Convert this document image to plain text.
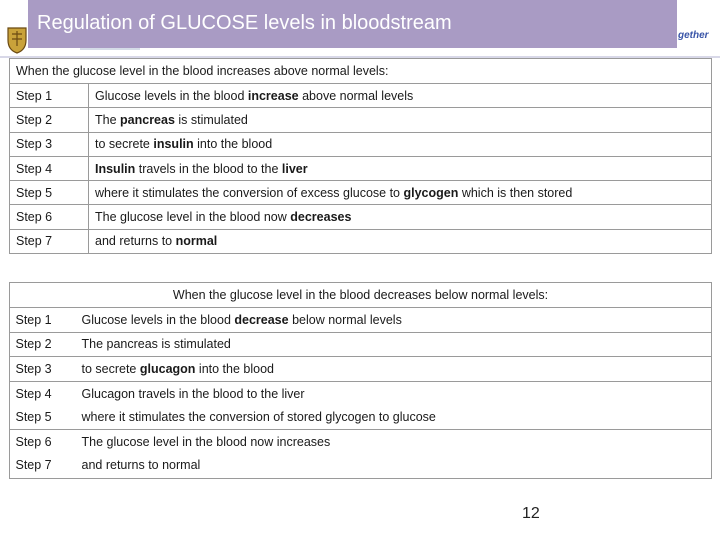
Regulation of GLUCOSE levels in bloodstream
gether
When the glucose level in the blood increases above normal levels:	
Step 1	Glucose levels in the blood increase above normal levels
Step 2	The pancreas is stimulated
Step 3	to secrete insulin into the blood
Step 4	Insulin travels in the blood to the liver
Step 5	where it stimulates the conversion of excess glucose to glycogen which is then stored
Step 6	The glucose level in the blood now decreases
Step 7	and returns to normal
When the glucose level in the blood decreases below normal levels:	
Step 1	Glucose levels in the blood decrease below normal levels
Step 2	The pancreas is stimulated
Step 3	to secrete glucagon into the blood
Step 4	Glucagon travels in the blood to the liver
Step 5	where it stimulates the conversion of stored glycogen to glucose
Step 6	The glucose level in the blood now increases
Step 7	and returns to normal
12
